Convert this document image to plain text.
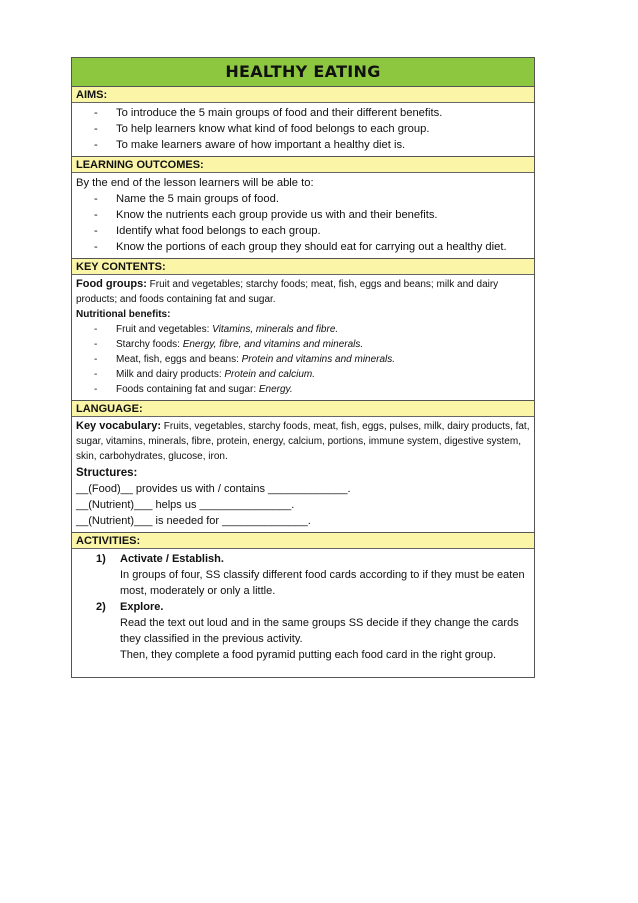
HEALTHY EATING
AIMS:
- To introduce the 5 main groups of food and their different benefits.
- To help learners know what kind of food belongs to each group.
- To make learners aware of how important a healthy diet is.
LEARNING OUTCOMES:
By the end of the lesson learners will be able to:
- Name the 5 main groups of food.
- Know the nutrients each group provide us with and their benefits.
- Identify what food belongs to each group.
- Know the portions of each group they should eat for carrying out a healthy diet.
KEY CONTENTS:
Food groups: Fruit and vegetables; starchy foods; meat, fish, eggs and beans; milk and dairy products; and foods containing fat and sugar.
Nutritional benefits:
- Fruit and vegetables: Vitamins, minerals and fibre.
- Starchy foods: Energy, fibre, and vitamins and minerals.
- Meat, fish, eggs and beans: Protein and vitamins and minerals.
- Milk and dairy products: Protein and calcium.
- Foods containing fat and sugar: Energy.
LANGUAGE:
Key vocabulary: Fruits, vegetables, starchy foods, meat, fish, eggs, pulses, milk, dairy products, fat, sugar, vitamins, minerals, fibre, protein, energy, calcium, portions, immune system, digestive system, skin, carbohydrates, glucose, iron.
Structures:
__(Food)__ provides us with / contains _____________.
__(Nutrient)___ helps us _______________.
__(Nutrient)___ is needed for ______________.
ACTIVITIES:
1) Activate / Establish.
In groups of four, SS classify different food cards according to if they must be eaten most, moderately or only a little.
2) Explore.
Read the text out loud and in the same groups SS decide if they change the cards they classified in the previous activity.
Then, they complete a food pyramid putting each food card in the right group.
